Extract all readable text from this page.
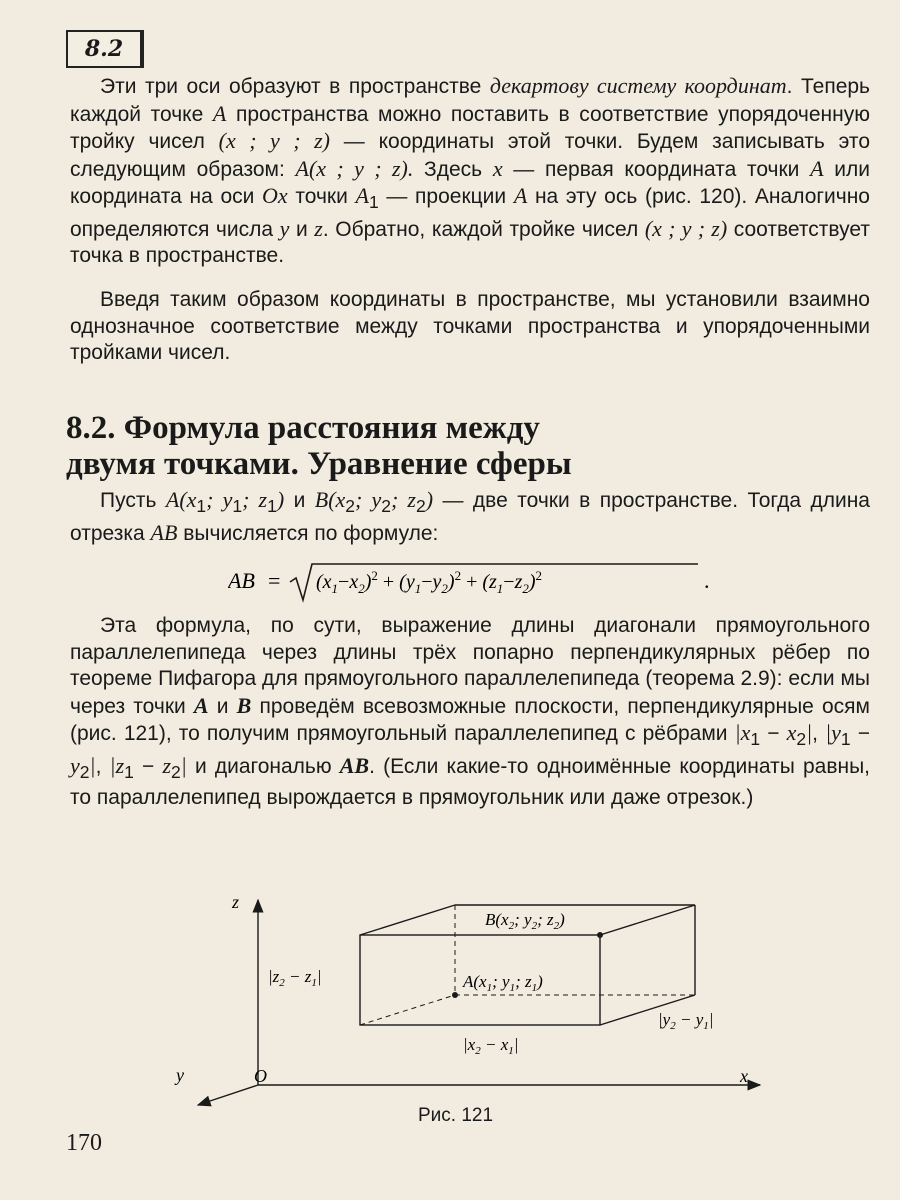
8.2

Эти три оси образуют в пространстве декартову систему координат. Теперь каждой точке A пространства можно поставить в соответствие упорядоченную тройку чисел (x ; y ; z) — координаты этой точки. Будем записывать это следующим образом: A(x ; y ; z). Здесь x — первая координата точки A или координата на оси Ox точки $A_1$ — проекции A на эту ось (рис. 120). Аналогично определяются числа y и z. Обратно, каждой тройке чисел (x ; y ; z) соответствует точка в пространстве.

Введя таким образом координаты в пространстве, мы установили взаимно однозначное соответствие между точками пространства и упорядоченными тройками чисел.

8.2. Формула расстояния между
двумя точками. Уравнение сферы

Пусть $A(x_1$; $y_1$; $z_1$) и $B(x_2$; $y_2$; $z_2$) — две точки в пространстве. Тогда длина отрезка AB вычисляется по формуле:

AB = $(x_1-x_2)^2 + (y_1-y_2)^2 + (z_1-z_2)^2$	.

Эта формула, по сути, выражение длины диагонали прямоугольного параллелепипеда через длины трёх попарно перпендикулярных рёбер по теореме Пифагора для прямоугольного параллелепипеда (теорема 2.9): если мы через точки A и B проведём всевозможные плоскости, перпендикулярные осям (рис. 121), то получим прямоугольный параллелепипед с рёбрами $|x_1 - x_2|$, $|y_1 - y_2|$, $|z_1 - z_2|$ и диагональю AB. (Если какие-то одноимённые координаты равны, то параллелепипед вырождается в прямоугольник или даже отрезок.)

z
y	x
O
$B(x_2$; $y_2$; $z_2$)
$A(x_1$; $y_1$; $z_1$)
$|z_2 - z_1|$
$|x_2 - x_1|$
$|y_2 - y_1|$
Рис. 121
170
